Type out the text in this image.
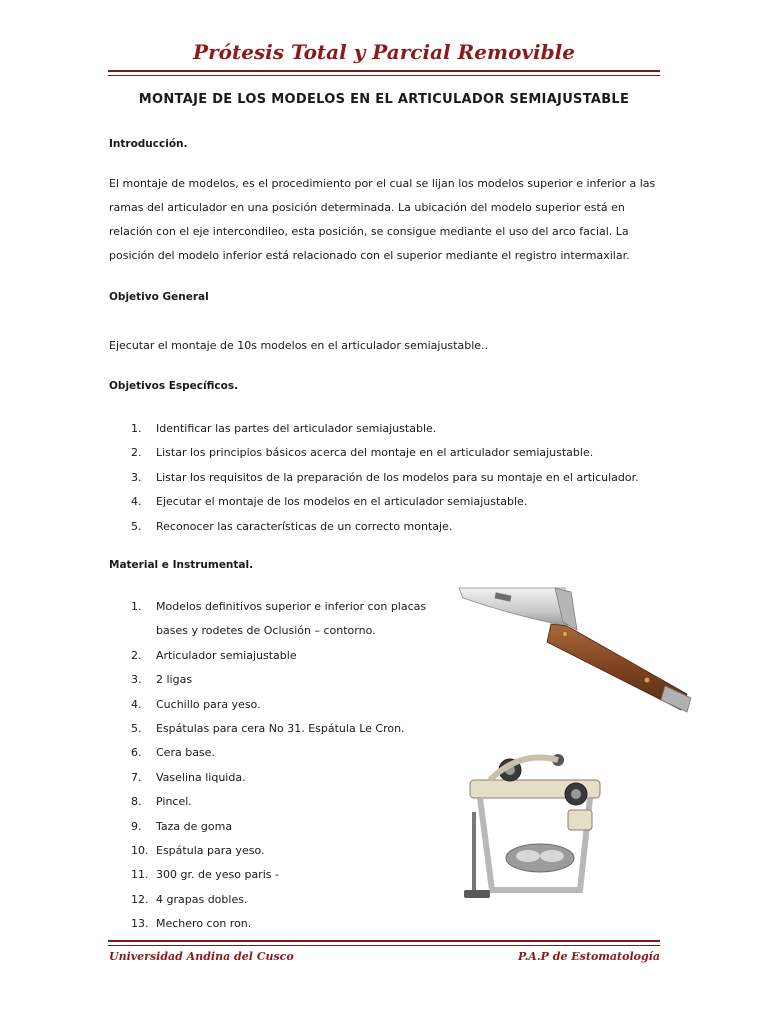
Prótesis Total y Parcial Removible
MONTAJE DE LOS MODELOS EN EL ARTICULADOR SEMIAJUSTABLE

Introducción.

El montaje de modelos, es el procedimiento por el cual se lijan los modelos superior e inferior a las ramas del articulador en una posición determinada. La ubicación del modelo superior está en relación con el eje intercondileo, esta posición, se consigue mediante el uso del arco facial. La posición del modelo inferior está relacionado con el superior mediante el registro intermaxilar.

Objetivo General

Ejecutar el montaje de 10s modelos en el articulador semiajustable..

Objetivos Específicos.

1.	Identificar las partes del articulador semiajustable.
2.	Listar los principios básicos acerca del montaje en el articulador semiajustable.
3.	Listar los requisitos de la preparación de los modelos para su montaje en el articulador.
4.	Ejecutar el montaje de los modelos en el articulador semiajustable.
5.	Reconocer las características de un correcto montaje.

Material e Instrumental.

1.	Modelos definitivos superior e inferior con placas
bases y rodetes de Oclusión – contorno.
2.	Articulador semiajustable
3.	2 ligas
4.	Cuchillo para yeso.
5.	Espátulas para cera No 31. Espátula Le Cron.
6.	Cera base.
7.	Vaselina liquida.
8.	Pincel.
9.	Taza de goma
10. Espátula para yeso.
11. 300 gr. de yeso paris -
12. 4 grapas dobles.
13. Mechero con ron.

Universidad Andina del Cusco	P.A.P de Estomatología
